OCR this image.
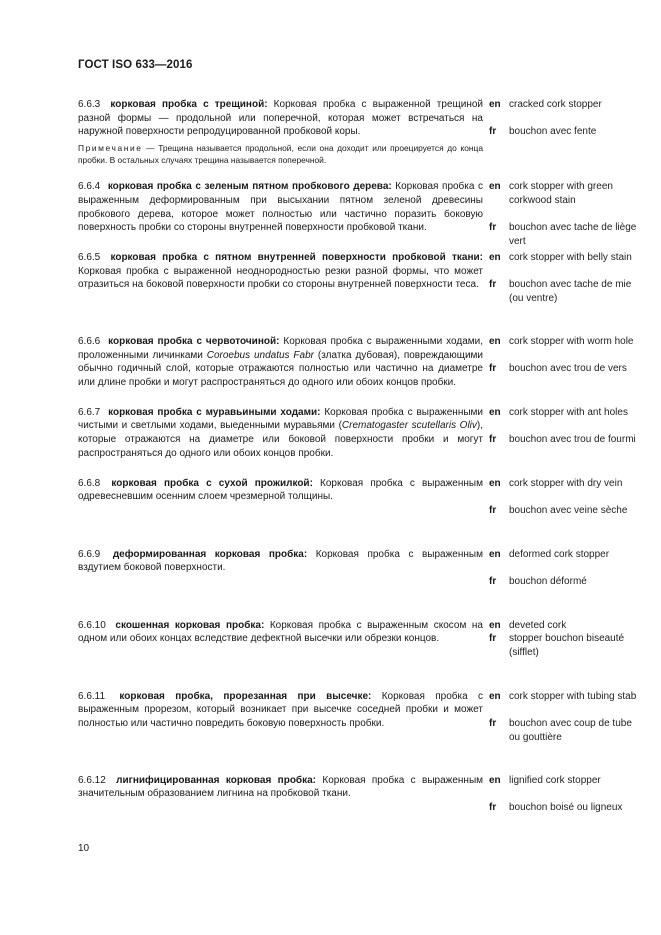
ГОСТ ISO 633—2016
6.6.3 корковая пробка с трещиной: Корковая пробка с выраженной трещиной разной формы — продольной или поперечной, которая может встречаться на наружной поверхности репродуцированной пробковой коры.
Примечание — Трещина называется продольной, если она доходит или проецируется до конца пробки. В остальных случаях трещина называется поперечной.
en cracked cork stopper
fr	bouchon avec fente
6.6.4 корковая пробка с зеленым пятном пробкового дерева: Корковая пробка с выраженным деформированным при высыхании пятном зеленой древесины пробкового дерева, которое может полностью или частично поразить боковую поверхность пробки со стороны внутренней поверхности пробковой ткани.
en cork stopper with green corkwood stain
fr	bouchon avec tache de liège vert
6.6.5 корковая пробка с пятном внутренней поверхности пробковой ткани: Корковая пробка с выраженной неоднородностью резки разной формы, что может отразиться на боковой поверхности пробки со стороны внутренней поверхности теса.
en cork stopper with belly stain
fr	bouchon avec tache de mie (ou ventre)
6.6.6 корковая пробка с червоточиной: Корковая пробка с выраженными ходами, проложенными личинками Coroebus undatus Fabr (златка дубовая), повреждающими обычно годичный слой, которые отражаются полностью или частично на диаметре или длине пробки и могут распространяться до одного или обоих концов пробки.
en cork stopper with worm hole
fr	bouchon avec trou de vers
6.6.7 корковая пробка с муравьиными ходами: Корковая пробка с выраженными чистыми и светлыми ходами, выеденными муравьями (Crematogaster scutellaris Oliv), которые отражаются на диаметре или боковой поверхности пробки и могут распространяться до одного или обоих концов пробки.
en cork stopper with ant holes
fr	bouchon avec trou de fourmi
6.6.8 корковая пробка с сухой прожилкой: Корковая пробка с выраженным одревесневшим осенним слоем чрезмерной толщины.
en cork stopper with dry vein
fr	bouchon avec veine sèche
6.6.9 деформированная корковая пробка: Корковая пробка с выраженным вздутием боковой поверхности.
en deformed cork stopper
fr	bouchon déformé
6.6.10 скошенная корковая пробка: Корковая пробка с выраженным скосом на одном или обоих концах вследствие дефектной высечки или обрезки концов.
en deveted cork
fr	stopper bouchon biseauté (sifflet)
6.6.11 корковая пробка, прорезанная при высечке: Корковая пробка с выраженным прорезом, который возникает при высечке соседней пробки и может полностью или частично повредить боковую поверхность пробки.
en cork stopper with tubing stab
fr	bouchon avec coup de tube ou gouttière
6.6.12 лигнифицированная корковая пробка: Корковая пробка с выраженным значительным образованием лигнина на пробковой ткани.
en lignified cork stopper
fr	bouchon boisé ou ligneux
10
